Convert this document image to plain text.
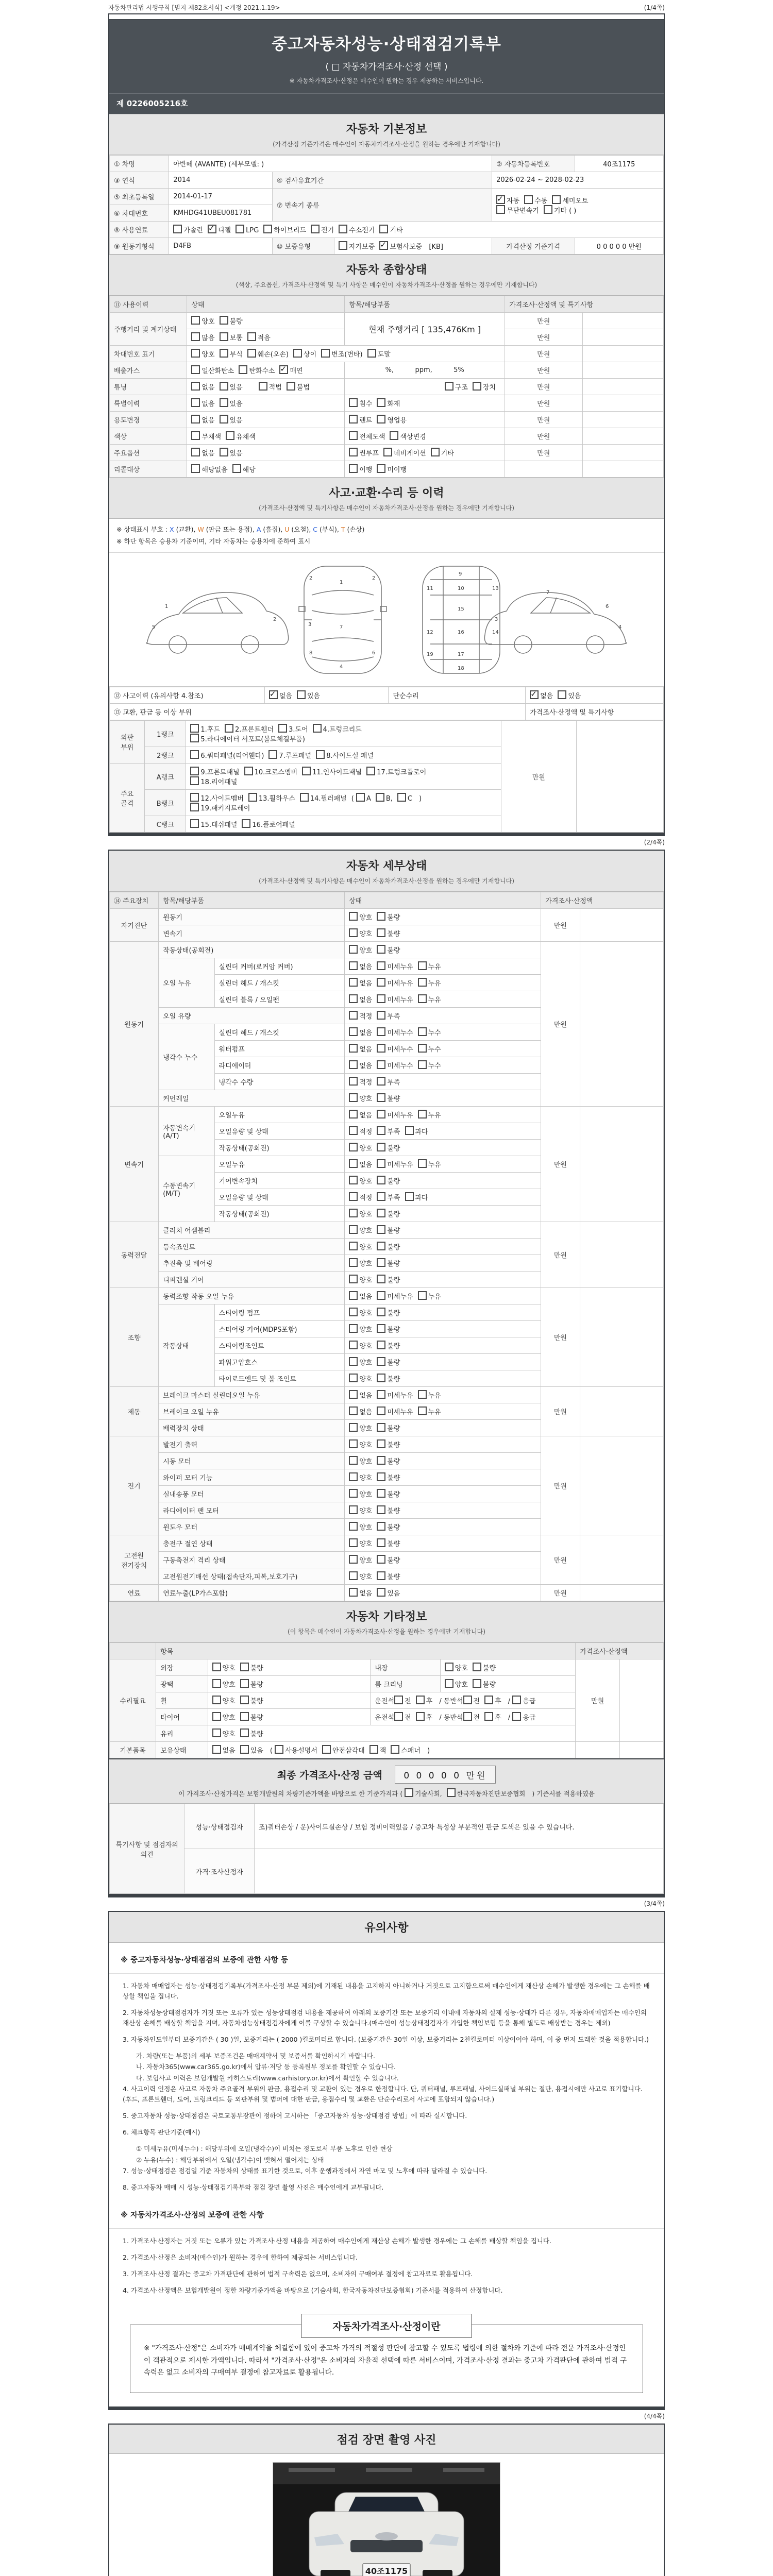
자동차관리법 시행규칙 [별지 제82호서식] <개정 2021.1.19>	(1/4쪽)
중고자동차성능·상태점검기록부
( □ 자동차가격조사·산정 선택 )
※ 자동차가격조사·산정은 매수인이 원하는 경우 제공하는 서비스입니다.
제 0226005216호
자동차 기본정보
(가격산정 기준가격은 매수인이 자동차가격조사·산정을 원하는 경우에만 기재합니다)
① 차명	아반떼 (AVANTE) (세부모델: )			② 자동차등록번호	40조1175
③ 연식	2014	④ 검사유효기간		2026-02-24 ~ 2028-02-23	
⑤ 최초등록일	2014-01-17	⑦ 변속기 종류	✓자동 수동 세미오토
무단변속기 기타 ( )
⑥ 차대번호	KMHDG41UBEU081781				
⑧ 사용연료	가솔린 ✓ 디젤 LPG 하이브리드 전기 수소전기 기타
⑨ 원동기형식	D4FB	⑩ 보증유형	자가보증 ✓ 보험사보증 [KB]	가격산정 기준가격	0 0 0 0 0 만원
자동차 종합상태
(색상, 주요옵션, 가격조사·산정액 및 특기 사항은 매수인이 자동차가격조사·산정을 원하는 경우에만 기재합니다)
⑪ 사용이력	상태	항목/해당부품	가격조사·산정액 및 특기사항	
주행거리 및 계기상태	양호 불량	현재 주행거리 [ 135,476Km ]	만원	
	많음 보통 적음		만원	
차대번호 표기	양호 부식 훼손(오손) 상이 변조(변타) 도말		만원	
배출가스	일산화탄소 탄화수소 ✓ 매연	%,          ppm,          5%	만원	
튜닝	없음 있음 적법 불법	구조 장치	만원	
특별이력	없음 있음	침수 화재	만원	
용도변경	없음 있음	렌트 영업용	만원	
색상	무채색 유채색	전체도색 색상변경	만원	
주요옵션	없음 있음	썬루프 네비게이션 기타	만원	
리콜대상	해당없음 해당	이행 미이행		
사고·교환·수리 등 이력
(가격조사·산정액 및 특기사항은 매수인이 자동차가격조사·산정을 원하는 경우에만 기재합니다)
※ 상태표시 부호 : X (교환), W (판금 또는 용접), A (흠집), U (요철), C (부식), T (손상)
※ 하단 항목은 승용차 기준이며, 기타 자동차는 승용차에 준하여 표시
1
2
5
1
2
3
4
2
6
7
8
9
10
11
12
13
14
15
16
17
18
19
6
7
3
4
⑫ 사고이력 (유의사항 4.참조)	✓없음 있음	단순수리	✓없음 있음
⑬ 교환, 판금 등 이상 부위			가격조사·산정액 및 특기사항
외판 부위	1랭크	1.후드 2.프론트휀더 3.도어 4.트렁크리드
5.라디에이터 서포트(볼트체결부품)	만원	
	2랭크	6.쿼터패널(리어휀다) 7.루프패널 8.사이드실 패널		
주요 골격	A랭크	9.프론트패널 10.크로스멤버 11.인사이드패널 17.트렁크플로어
18.리어패널		
	B랭크	12.사이드멤버 13.휠하우스 14.필러패널 ( A B, C )
19.패키지트레이		
	C랭크	15.대쉬패널 16.플로어패널		
(2/4쪽)
자동차 세부상태
(가격조사·산정액 및 특기사항은 매수인이 자동차가격조사·산정을 원하는 경우에만 기재합니다)
⑭ 주요장치	항목/해당부품		상태	가격조사·산정액	
자기진단	원동기		양호 불량	만원	
	변속기		양호 불량		
원동기	작동상태(공회전)		양호 불량	만원	
	오일 누유	실린더 커버(로커암 커버)	없음 미세누유 누유		
		실린더 헤드 / 개스킷	없음 미세누유 누유		
		실린더 블록 / 오일팬	없음 미세누유 누유		
	오일 유량		적정 부족		
	냉각수 누수	실린더 헤드 / 개스킷	없음 미세누수 누수		
		워터펌프	없음 미세누수 누수		
		라디에이터	없음 미세누수 누수		
		냉각수 수량	적정 부족		
	커먼레일		양호 불량		
변속기	자동변속기 (A/T)	오일누유	없음 미세누유 누유	만원	
		오일유량 및 상태	적정 부족 과다		
		작동상태(공회전)	양호 불량		
	수동변속기 (M/T)	오일누유	없음 미세누유 누유		
		기어변속장치	양호 불량		
		오일유량 및 상태	적정 부족 과다		
		작동상태(공회전)	양호 불량		
동력전달	클러치 어셈블리		양호 불량	만원	
	등속죠인트		양호 불량		
	추진축 및 베어링		양호 불량		
	디퍼렌셜 기어		양호 불량		
조향	동력조향 작동 오일 누유		없음 미세누유 누유	만원	
	작동상태	스티어링 펌프	양호 불량		
		스티어링 기어(MDPS포함)	양호 불량		
		스티어링조인트	양호 불량		
		파워고압호스	양호 불량		
		타이로드엔드 및 볼 조인트	양호 불량		
제동	브레이크 마스터 실린더오일 누유		없음 미세누유 누유	만원	
	브레이크 오일 누유		없음 미세누유 누유		
	배력장치 상태		양호 불량		
전기	발전기 출력		양호 불량	만원	
	시동 모터		양호 불량		
	와이퍼 모터 기능		양호 불량		
	실내송풍 모터		양호 불량		
	라디에이터 팬 모터		양호 불량		
	윈도우 모터		양호 불량		
고전원 전기장치	충전구 절연 상태		양호 불량	만원	
	구동축전지 격리 상태		양호 불량		
	고전원전기배선 상태(접속단자,피복,보호기구)		양호 불량		
연료	연료누출(LP가스포함)		없음 있음	만원	
자동차 기타정보
(이 항목은 매수인이 자동차가격조사·산정을 원하는 경우에만 기재합니다)
	항목				가격조사·산정액	
수리필요	외장	양호 불량	내장	양호 불량	만원	
	광택	양호 불량	룸 크리닝	양호 불량		
	휠	양호 불량	운전석 전 후 / 동반석 전 후 / 응급			
	타이어	양호 불량	운전석 전 후 / 동반석 전 후 / 응급			
	유리	양호 불량				
기본품목	보유상태	없음 있음 ( 사용설명서 안전삼각대 잭 스패너 )				
최종 가격조사·산정 금액 0 0 0 0 0 만원
이 가격조사·산정가격은 보험개발원의 차량기준가액을 바탕으로 한 기준가격과 ( 기술사회, 한국자동차진단보증협회 ) 기준서를 적용하였음
특기사항 및 점검자의 의견	성능·상태점검자	조)쿼터손상 / 운)사이드실손상 / 보험 정비이력있음 / 중고차 특성상 부분적인 판금 도색은 있을 수 있습니다.
	가격·조사산정자	
(3/4쪽)
유의사항
※ 중고자동차성능·상태점검의 보증에 관한 사항 등

1. 자동차 매매업자는 성능·상태점검기록부(가격조사·산정 부분 제외)에 기재된 내용을 고지하지 아니하거나 거짓으로 고지함으로써 매수인에게 재산상 손해가 발생한 경우에는 그 손해를 배상할 책임을 집니다.

2. 자동차성능상태점검자가 거짓 또는 오류가 있는 성능상태점검 내용을 제공하여 아래의 보증기간 또는 보증거리 이내에 자동차의 실제 성능·상태가 다른 경우, 자동차매매업자는 매수인의 재산상 손해를 배상할 책임을 지며, 자동차성능상태점검자에게 이를 구상할 수 있습니다.(매수인이 성능상태점검자가 가입한 책임보험 등을 통해 별도로 배상받는 경우는 제외)

3. 자동차인도일부터 보증기간은 ( 30 )일, 보증거리는 ( 2000 )킬로미터로 합니다. (보증기간은 30일 이상, 보증거리는 2천킬로미터 이상이어야 하며, 이 중 먼저 도래한 것을 적용합니다.)

가. 차량(또는 부품)의 세부 보증조건은 매매계약서 및 보증서를 확인하시기 바랍니다.
나. 자동차365(www.car365.go.kr)에서 압류·저당 등 등록원부 정보를 확인할 수 있습니다.
다. 보험사고 이력은 보험개발원 카히스토리(www.carhistory.or.kr)에서 확인할 수 있습니다.

4. 사고이력 인정은 사고로 자동차 주요골격 부위의 판금, 용접수리 및 교환이 있는 경우로 한정합니다. 단, 쿼터패널, 루프패널, 사이드실패널 부위는 절단, 용접시에만 사고로 표기합니다. (후드, 프론트휀더, 도어, 트렁크리드 등 외판부위 및 범퍼에 대한 판금, 용접수리 및 교환은 단순수리로서 사고에 포함되지 않습니다.)

5. 중고자동차 성능·상태점검은 국토교통부장관이 정하여 고시하는 「중고자동차 성능·상태점검 방법」에 따라 실시합니다.

6. 체크항목 판단기준(예시)

① 미세누유(미세누수) : 해당부위에 오일(냉각수)이 비치는 정도로서 부품 노후로 인한 현상
② 누유(누수) : 해당부위에서 오일(냉각수)이 맺혀서 떨어지는 상태

7. 성능·상태점검은 점검일 기준 자동차의 상태를 표기한 것으로, 이후 운행과정에서 자연 마모 및 노후에 따라 달라질 수 있습니다.

8. 중고자동차 매매 시 성능·상태점검기록부와 점검 장면 촬영 사진은 매수인에게 교부됩니다.

※ 자동차가격조사·산정의 보증에 관한 사항

1. 가격조사·산정자는 거짓 또는 오류가 있는 가격조사·산정 내용을 제공하여 매수인에게 재산상 손해가 발생한 경우에는 그 손해를 배상할 책임을 집니다.

2. 가격조사·산정은 소비자(매수인)가 원하는 경우에 한하여 제공되는 서비스입니다.

3. 가격조사·산정 결과는 중고차 가격판단에 관하여 법적 구속력은 없으며, 소비자의 구매여부 결정에 참고자료로 활용됩니다.

4. 가격조사·산정액은 보험개발원이 정한 차량기준가액을 바탕으로 (기술사회, 한국자동차진단보증협회) 기준서를 적용하여 산정합니다.

자동차가격조사·산정이란
※ "가격조사·산정"은 소비자가 매매계약을 체결함에 있어 중고차 가격의 적절성 판단에 참고할 수 있도록 법령에 의한 절차와 기준에 따라 전문 가격조사·산정인이 객관적으로 제시한 가액입니다. 따라서 "가격조사·산정"은 소비자의 자율적 선택에 따른 서비스이며, 가격조사·산정 결과는 중고차 가격판단에 관하여 법적 구속력은 없고 소비자의 구매여부 결정에 참고자료로 활용됩니다.
(4/4쪽)
점검 장면 촬영 사진
40조1175
